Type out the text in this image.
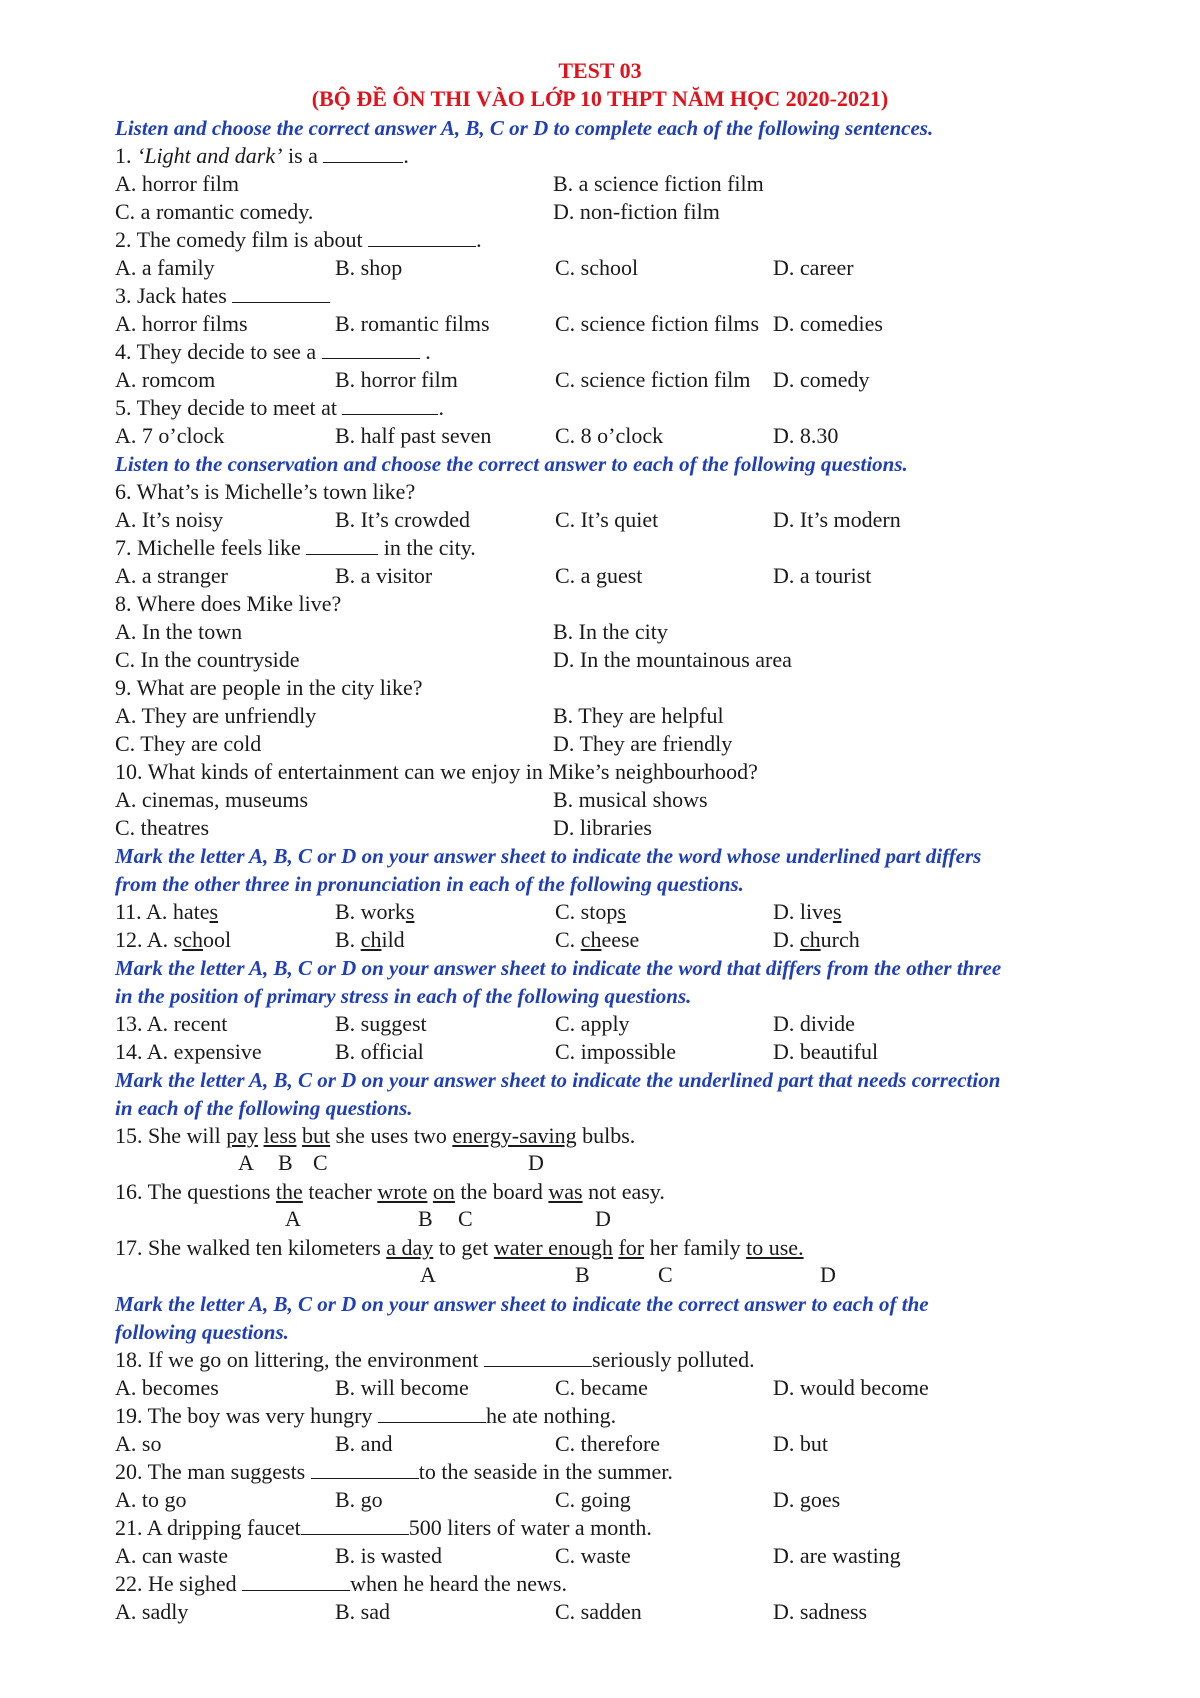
TEST 03
(BỘ ĐỀ ÔN THI VÀO LỚP 10 THPT NĂM HỌC 2020-2021)
Listen and choose the correct answer A, B, C or D to complete each of the following sentences.
1. ‘Light and dark’ is a	.
A. horror film	B. a science fiction film
C. a romantic comedy.	D. non-fiction film
2. The comedy film is about	.
A. a family	B. shop	C. school	D. career
3. Jack hates
A. horror films	B. romantic films	C. science fiction films D. comedies
4. They decide to see a	.
A. romcom	B. horror film	C. science fiction film D. comedy
5. They decide to meet at	.
A. 7 o’clock	B. half past seven	C. 8 o’clock	D. 8.30
Listen to the conservation and choose the correct answer to each of the following questions.
6. What’s is Michelle’s town like?
A. It’s noisy	B. It’s crowded	C. It’s quiet	D. It’s modern
7. Michelle feels like	in the city.
A. a stranger	B. a visitor	C. a guest	D. a tourist
8. Where does Mike live?
A. In the town	B. In the city
C. In the countryside	D. In the mountainous area
9. What are people in the city like?
A. They are unfriendly	B. They are helpful
C. They are cold	D. They are friendly
10. What kinds of entertainment can we enjoy in Mike’s neighbourhood?
A. cinemas, museums	B. musical shows
C. theatres	D. libraries
Mark the letter A, B, C or D on your answer sheet to indicate the word whose underlined part differs
from the other three in pronunciation in each of the following questions.
11. A. hates	B. works	C. stops	D. lives
12. A. school	B. child	C. cheese	D. church
Mark the letter A, B, C or D on your answer sheet to indicate the word that differs from the other three
in the position of primary stress in each of the following questions.
13. A. recent	B. suggest	C. apply	D. divide
14. A. expensive	B. official	C. impossible	D. beautiful
Mark the letter A, B, C or D on your answer sheet to indicate the underlined part that needs correction
in each of the following questions.
15. She will pay less but she uses two energy-saving bulbs.
A B C	D
16. The questions the teacher wrote on the board was not easy.
A	B C	D
17. She walked ten kilometers a day to get water enough for her family to use.
A	B	C	D
Mark the letter A, B, C or D on your answer sheet to indicate the correct answer to each of the
following questions.
18. If we go on littering, the environment	seriously polluted.
A. becomes	B. will become	C. became	D. would become
19. The boy was very hungry	he ate nothing.
A. so	B. and	C. therefore	D. but
20. The man suggests	to the seaside in the summer.
A. to go	B. go	C. going	D. goes
21. A dripping faucet	500 liters of water a month.
A. can waste	B. is wasted	C. waste	D. are wasting
22. He sighed	when he heard the news.
A. sadly	B. sad	C. sadden	D. sadness
